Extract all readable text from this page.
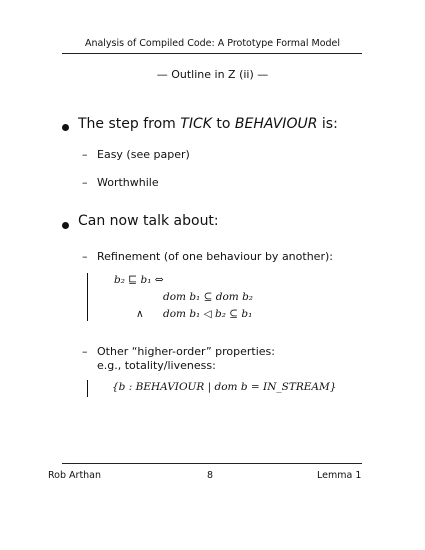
Analysis of Compiled Code: A Prototype Formal Model
— Outline in Z (ii) —
The step from TICK to BEHAVIOUR is:
– Easy (see paper)
– Worthwhile
Can now talk about:
– Refinement (of one behaviour by another):
b₂ ⊑ b₁ ⇔
dom b₁ ⊆ dom b₂
∧ dom b₁ ◁ b₂ ⊆ b₁
– Other “higher-order” properties:
e.g., totality/liveness:
{b : BEHAVIOUR | dom b = IN_STREAM}
Rob Arthan	8	Lemma 1
